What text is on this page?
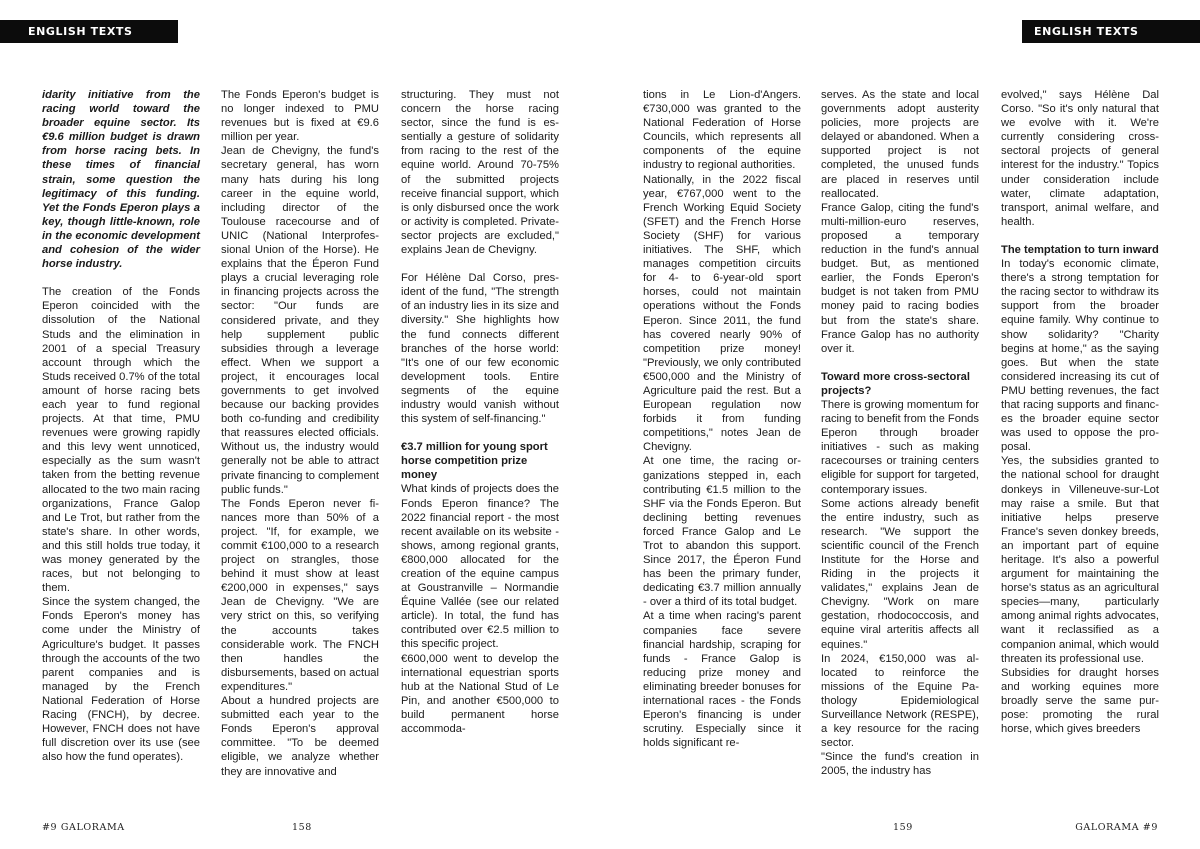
ENGLISH TEXTS	ENGLISH TEXTS

idarity initiative from the racing world toward the broader equine sector. Its €9.6 million budget is drawn from horse racing bets. In these times of financial strain, some question the legitimacy of this funding. Yet the Fonds Eperon plays a key, though little-known, role in the economic development and cohesion of the wider horse industry.

The creation of the Fonds Eperon coincided with the dissolution of the National Studs and the elimination in 2001 of a special Treasury account through which the Studs received 0.7% of the total amount of horse racing bets each year to fund regional projects. At that time, PMU revenues were growing rapidly and this levy went unnoticed, especially as the sum wasn't taken from the betting revenue allocated to the two main racing organizations, France Galop and Le Trot, but rather from the state's share. In other words, and this still holds true today, it was money generated by the races, but not belonging to them.

Since the system changed, the Fonds Eperon's money has come under the Ministry of Agriculture's budget. It passes through the accounts of the two parent companies and is managed by the French National Federation of Horse Racing (FNCH), by decree. However, FNCH does not have full discretion over its use (see also how the fund operates).

The Fonds Eperon's budget is no longer indexed to PMU revenues but is fixed at €9.6 million per year.

Jean de Chevigny, the fund's secretary general, has worn many hats during his long career in the equine world, including director of the Toulouse racecourse and of UNIC (National Interprofessional Union of the Horse). He explains that the Éperon Fund plays a crucial leveraging role in financing projects across the sector: "Our funds are considered private, and they help supplement public subsidies through a leverage effect. When we support a project, it encourages local governments to get involved because our backing provides both co-funding and credibility that reassures elected officials. Without us, the industry would generally not be able to attract private financing to complement public funds."

The Fonds Eperon never finances more than 50% of a project. "If, for example, we commit €100,000 to a research project on strangles, those behind it must show at least €200,000 in expenses," says Jean de Chevigny. "We are very strict on this, so verifying the accounts takes considerable work. The FNCH then handles the disbursements, based on actual expenditures."

About a hundred projects are submitted each year to the Fonds Eperon's approval committee. "To be deemed eligible, we analyze whether they are innovative and

structuring. They must not concern the horse racing sector, since the fund is essentially a gesture of solidarity from racing to the rest of the equine world. Around 70-75% of the submitted projects receive financial support, which is only disbursed once the work or activity is completed. Private-sector projects are excluded," explains Jean de Chevigny.

For Hélène Dal Corso, president of the fund, "The strength of an industry lies in its size and diversity." She highlights how the fund connects different branches of the horse world: "It's one of our few economic development tools. Entire segments of the equine industry would vanish without this system of self-financing."

€3.7 million for young sport horse competition prize money

What kinds of projects does the Fonds Eperon finance? The 2022 financial report - the most recent available on its website - shows, among regional grants, €800,000 allocated for the creation of the equine campus at Goustranville – Normandie Équine Vallée (see our related article). In total, the fund has contributed over €2.5 million to this specific project.

€600,000 went to develop the international equestrian sports hub at the National Stud of Le Pin, and another €500,000 to build permanent horse accommoda-

tions in Le Lion-d'Angers. €730,000 was granted to the National Federation of Horse Councils, which represents all components of the equine industry to regional authorities.

Nationally, in the 2022 fiscal year, €767,000 went to the French Working Equid Society (SFET) and the French Horse Society (SHF) for various initiatives. The SHF, which manages competition circuits for 4- to 6-year-old sport horses, could not maintain operations without the Fonds Eperon. Since 2011, the fund has covered nearly 90% of competition prize money! "Previously, we only contributed €500,000 and the Ministry of Agriculture paid the rest. But a European regulation now forbids it from funding competitions," notes Jean de Chevigny.

At one time, the racing organizations stepped in, each contributing €1.5 million to the SHF via the Fonds Eperon. But declining betting revenues forced France Galop and Le Trot to abandon this support. Since 2017, the Éperon Fund has been the primary funder, dedicating €3.7 million annually - over a third of its total budget.

At a time when racing's parent companies face severe financial hardship, scraping for funds - France Galop is reducing prize money and eliminating breeder bonuses for international races - the Fonds Eperon's financing is under scrutiny. Especially since it holds significant re-

serves. As the state and local governments adopt austerity policies, more projects are delayed or abandoned. When a supported project is not completed, the unused funds are placed in reserves until reallocated.

France Galop, citing the fund's multi-million-euro reserves, proposed a temporary reduction in the fund's annual budget. But, as mentioned earlier, the Fonds Eperon's budget is not taken from PMU money paid to racing bodies but from the state's share. France Galop has no authority over it.

Toward more cross-sectoral projects?

There is growing momentum for racing to benefit from the Fonds Eperon through broader initiatives - such as making racecourses or training centers eligible for support for targeted, contemporary issues.

Some actions already benefit the entire industry, such as research. "We support the scientific council of the French Institute for the Horse and Riding in the projects it validates," explains Jean de Chevigny. "Work on mare gestation, rhodococcosis, and equine viral arteritis affects all equines."

In 2024, €150,000 was allocated to reinforce the missions of the Equine Pathology Epidemiological Surveillance Network (RESPE), a key resource for the racing sector.

"Since the fund's creation in 2005, the industry has

evolved," says Hélène Dal Corso. "So it's only natural that we evolve with it. We're currently considering cross-sectoral projects of general interest for the industry." Topics under consideration include water, climate adaptation, transport, animal welfare, and health.

The temptation to turn inward

In today's economic climate, there's a strong temptation for the racing sector to withdraw its support from the broader equine family. Why continue to show solidarity? "Charity begins at home," as the saying goes. But when the state considered increasing its cut of PMU betting revenues, the fact that racing supports and finances the broader equine sector was used to oppose the proposal.

Yes, the subsidies granted to the national school for draught donkeys in Villeneuve-sur-Lot may raise a smile. But that initiative helps preserve France's seven donkey breeds, an important part of equine heritage. It's also a powerful argument for maintaining the horse's status as an agricultural species—many, particularly among animal rights advocates, want it reclassified as a companion animal, which would threaten its professional use.

Subsidies for draught horses and working equines more broadly serve the same purpose: promoting the rural horse, which gives breeders

#9 GALORAMA	158	159	GALORAMA #9
